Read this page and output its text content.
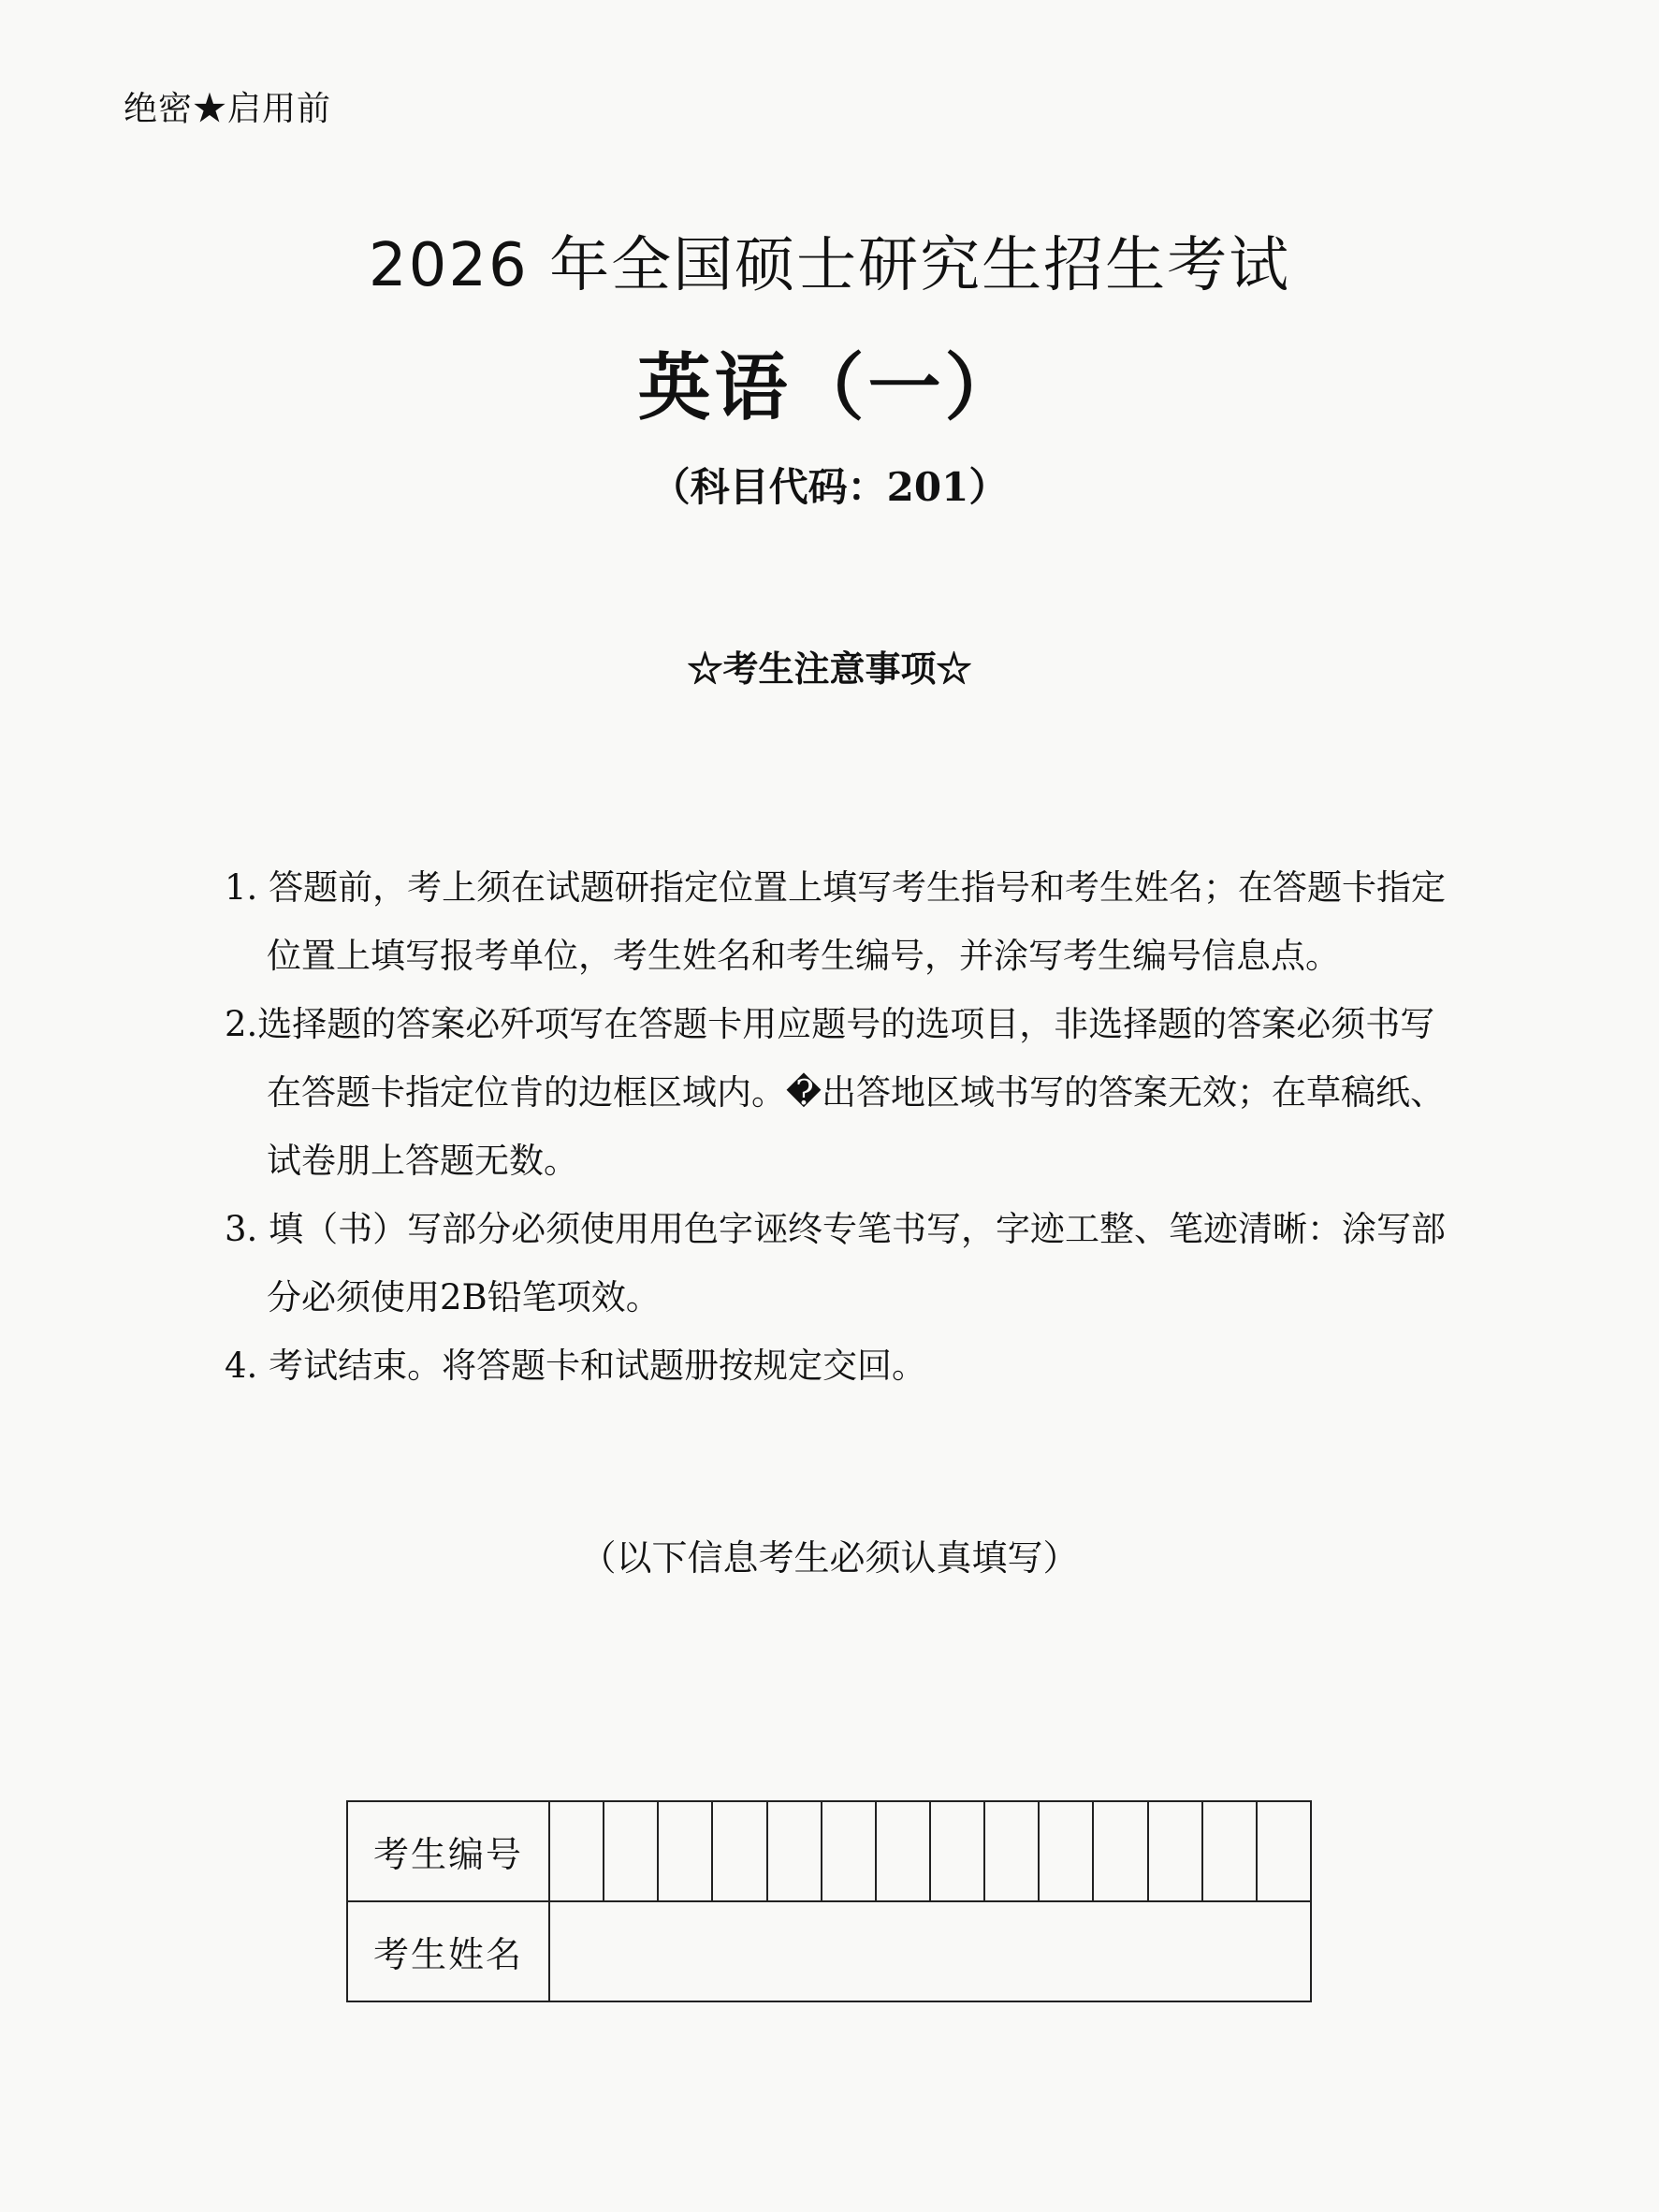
绝密★启用前
2026 年全国硕士研究生招生考试
英语（一）
（科目代码：201）
☆考生注意事项☆
1. 答题前，考上须在试题研指定位置上填写考生指号和考生姓名；在答题卡指定位置上填写报考单位，考生姓名和考生编号，并涂写考生编号信息点。
2.选择题的答案必歼项写在答题卡用应题号的选项目，非选择题的答案必须书写在答题卡指定位肯的边框区域内。�出答地区域书写的答案无效；在草稿纸、试卷朋上答题无数。
3. 填（书）写部分必须使用用色字诬终专笔书写，字迹工整、笔迹清晰：涂写部分必须使用2B铅笔项效。
4. 考试结束。将答题卡和试题册按规定交回。
（以下信息考生必须认真填写）
考生编号														
考生姓名														
